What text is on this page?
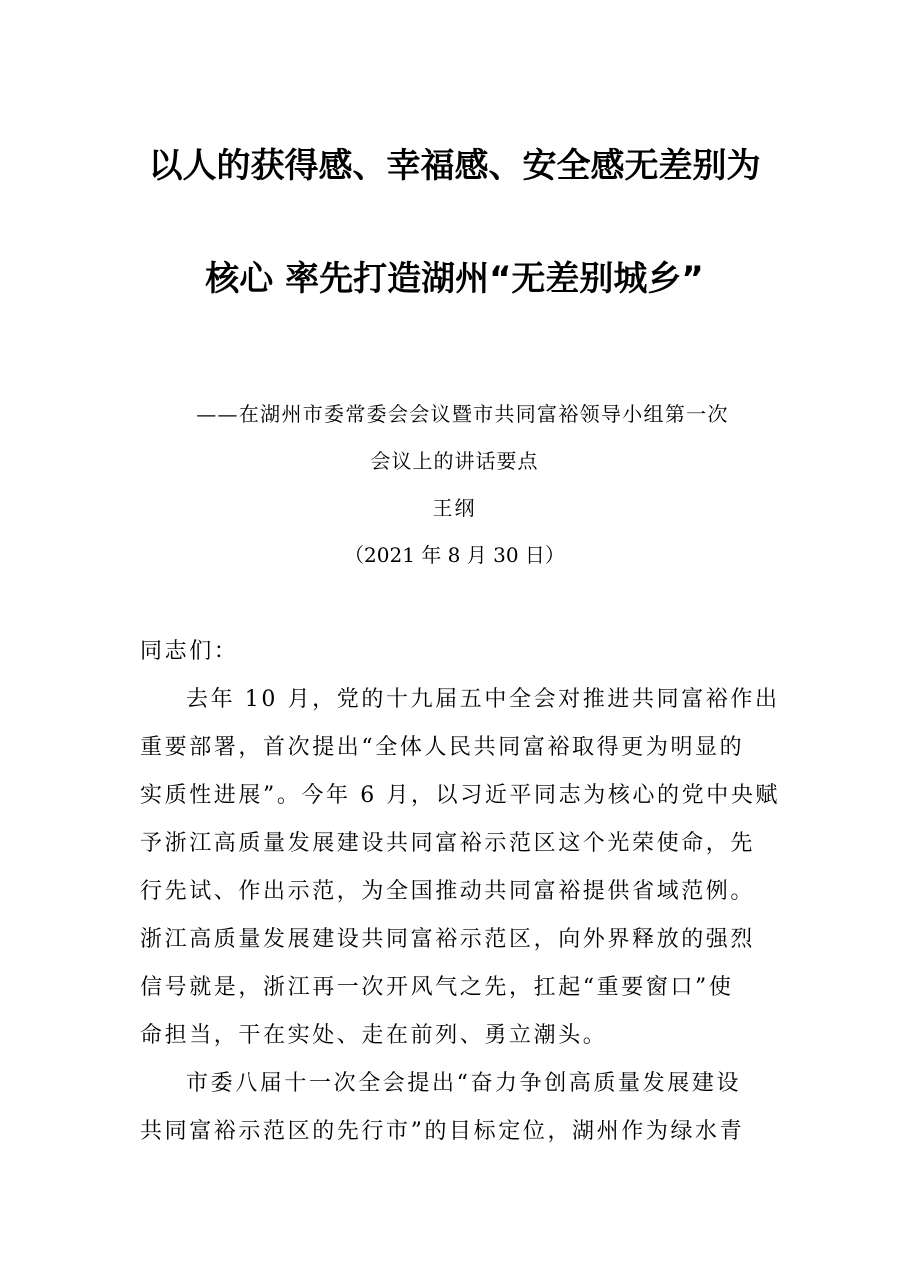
以人的获得感、幸福感、安全感无差别为
核心 率先打造湖州“无差别城乡”
——在湖州市委常委会会议暨市共同富裕领导小组第一次
会议上的讲话要点
王纲
（2021 年 8 月 30 日）
同志们：
去年 10 月，党的十九届五中全会对推进共同富裕作出
重要部署，首次提出“全体人民共同富裕取得更为明显的
实质性进展”。今年 6 月，以习近平同志为核心的党中央赋
予浙江高质量发展建设共同富裕示范区这个光荣使命，先
行先试、作出示范，为全国推动共同富裕提供省域范例。
浙江高质量发展建设共同富裕示范区，向外界释放的强烈
信号就是，浙江再一次开风气之先，扛起“重要窗口”使
命担当，干在实处、走在前列、勇立潮头。
市委八届十一次全会提出“奋力争创高质量发展建设
共同富裕示范区的先行市”的目标定位，湖州作为绿水青
